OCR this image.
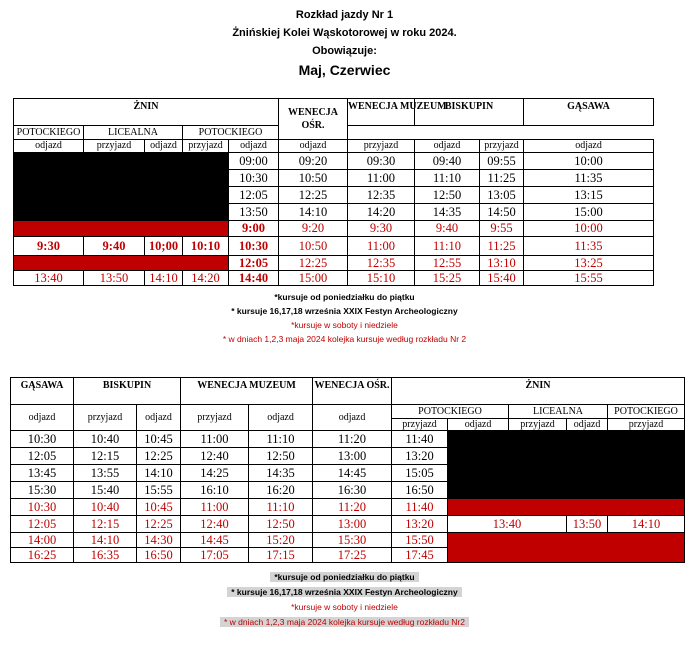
Rozkład jazdy Nr 1
Żnińskiej Kolei Wąskotorowej w roku 2024.
Obowiązuje:
Maj, Czerwiec
ŻNIN					WENECJA OŚR.	WENECJA MUZEUM	BISKUPIN		GĄSAWA	
POTOCKIEGO	LICEALNA		POTOCKIEGO							
odjazd	przyjazd	odjazd	przyjazd	odjazd	odjazd	przyjazd	odjazd	przyjazd	odjazd	
				09:00	09:20	09:30	09:40	09:55	10:00	
				10:30	10:50	11:00	11:10	11:25	11:35	
				12:05	12:25	12:35	12:50	13:05	13:15	
				13:50	14:10	14:20	14:35	14:50	15:00	
				9:00	9:20	9:30	9:40	9:55	10:00	
9:30	9:40	10;00	10:10	10:30	10:50	11:00	11:10	11:25	11:35	
				12:05	12:25	12:35	12:55	13:10	13:25	
13:40	13:50	14:10	14:20	14:40	15:00	15:10	15:25	15:40	15:55	
*kursuje od poniedziałku do piątku
* kursuje 16,17,18 września XXIX Festyn Archeologiczny
*kursuje w soboty i niedziele
* w dniach 1,2,3 maja 2024 kolejka kursuje według rozkładu Nr 2
GĄSAWA	BISKUPIN		WENECJA MUZEUM		WENECJA OŚR.	ŻNIN					
odjazd	przyjazd	odjazd	przyjazd	odjazd	odjazd	POTOCKIEGO		LICEALNA		POTOCKIEGO	
						przyjazd	odjazd	przyjazd	odjazd	przyjazd	
10:30	10:40	10:45	11:00	11:10	11:20	11:40					
12:05	12:15	12:25	12:40	12:50	13:00	13:20					
13:45	13:55	14:10	14:25	14:35	14:45	15:05					
15:30	15:40	15:55	16:10	16:20	16:30	16:50					
10:30	10:40	10:45	11:00	11:10	11:20	11:40					
12:05	12:15	12:25	12:40	12:50	13:00	13:20	13:40		13:50	14:10	
14:00	14:10	14:30	14:45	15:20	15:30	15:50					
16:25	16:35	16:50	17:05	17:15	17:25	17:45					
*kursuje od poniedziałku do piątku
* kursuje 16,17,18 września XXIX Festyn Archeologiczny
*kursuje w soboty i niedziele
* w dniach 1,2,3 maja 2024 kolejka kursuje według rozkładu Nr2
